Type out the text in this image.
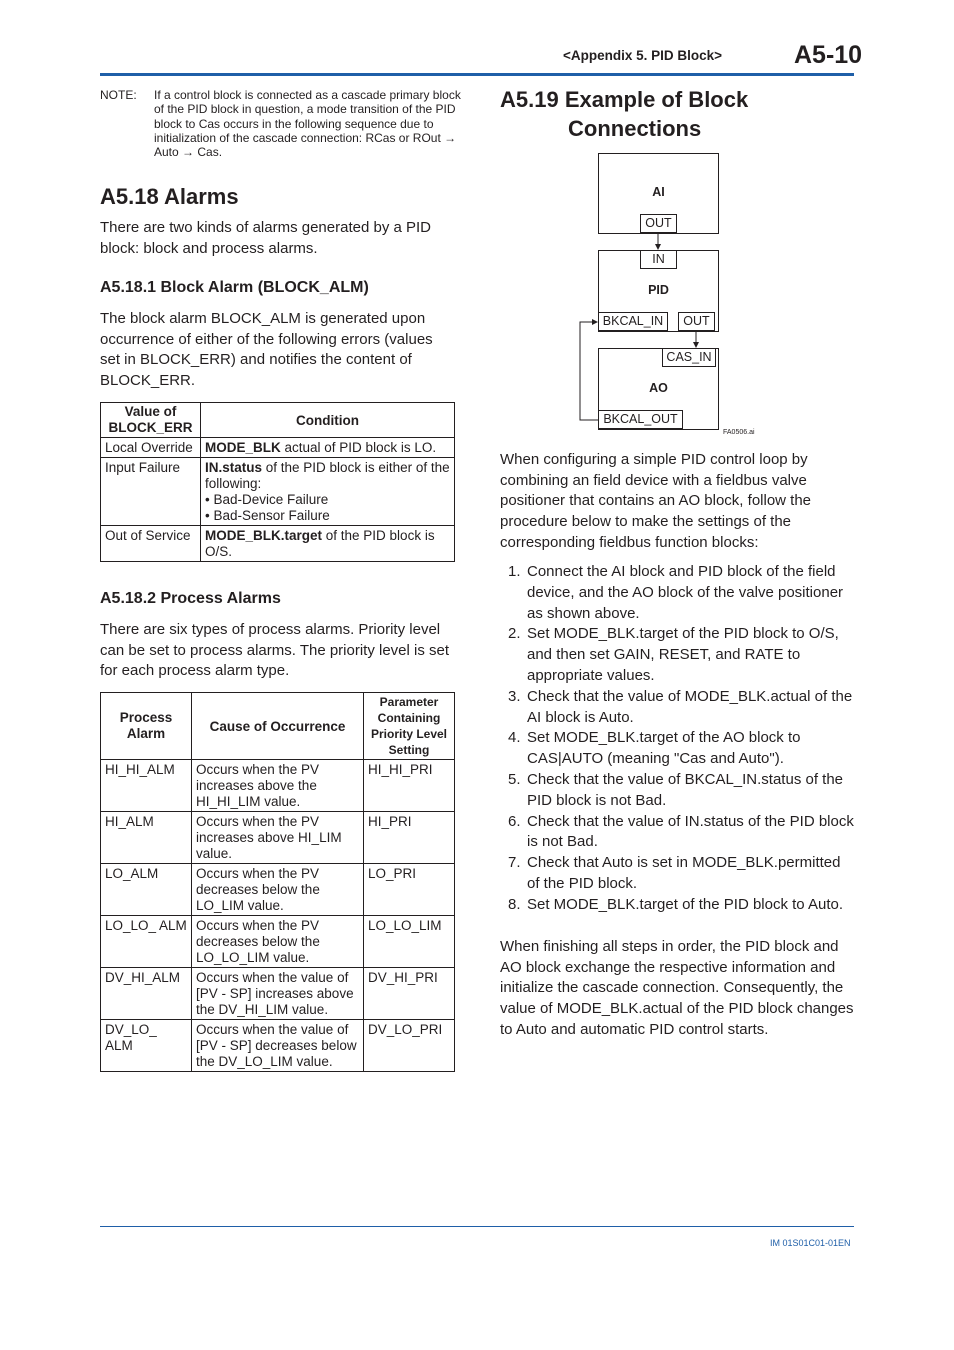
<Appendix 5. PID Block>	A5-10
NOTE: If a control block is connected as a cascade primary block of the PID block in question, a mode transition of the PID block to Cas occurs in the following sequence due to initialization of the cascade connection: RCas or ROut → Auto → Cas.
A5.18 Alarms
There are two kinds of alarms generated by a PID block: block and process alarms.
A5.18.1 Block Alarm (BLOCK_ALM)
The block alarm BLOCK_ALM is generated upon occurrence of either of the following errors (values set in BLOCK_ERR) and notifies the content of BLOCK_ERR.
Value of BLOCK_ERR	Condition
Local Override	MODE_BLK actual of PID block is LO.
Input Failure	IN.status of the PID block is either of the following:
• Bad-Device Failure
• Bad-Sensor Failure
Out of Service	MODE_BLK.target of the PID block is O/S.
A5.18.2 Process Alarms
There are six types of process alarms. Priority level can be set to process alarms. The priority level is set for each process alarm type.
Process Alarm	Cause of Occurrence	Parameter Containing Priority Level Setting
HI_HI_ALM	Occurs when the PV increases above the HI_HI_LIM value.	HI_HI_PRI
HI_ALM	Occurs when the PV increases above HI_LIM value.	HI_PRI
LO_ALM	Occurs when the PV decreases below the LO_LIM value.	LO_PRI
LO_LO_ ALM	Occurs when the PV decreases below the LO_LO_LIM value.	LO_LO_LIM
DV_HI_ALM	Occurs when the value of [PV - SP] increases above the DV_HI_LIM value.	DV_HI_PRI
DV_LO_ ALM	Occurs when the value of [PV - SP] decreases below the DV_LO_LIM value.	DV_LO_PRI
A5.19 Example of Block
Connections
AI
OUT
IN
PID
BKCAL_IN	OUT
CAS_IN
AO
BKCAL_OUT
FA0506.ai
When configuring a simple PID control loop by combining an field device with a fieldbus valve positioner that contains an AO block, follow the procedure below to make the settings of the corresponding fieldbus function blocks:
1. Connect the AI block and PID block of the field device, and the AO block of the valve positioner as shown above.
2. Set MODE_BLK.target of the PID block to O/S, and then set GAIN, RESET, and RATE to appropriate values.
3. Check that the value of MODE_BLK.actual of the AI block is Auto.
4. Set MODE_BLK.target of the AO block to CAS|AUTO (meaning "Cas and Auto").
5. Check that the value of BKCAL_IN.status of the PID block is not Bad.
6. Check that the value of IN.status of the PID block is not Bad.
7. Check that Auto is set in MODE_BLK.permitted of the PID block.
8. Set MODE_BLK.target of the PID block to Auto.
When finishing all steps in order, the PID block and AO block exchange the respective information and initialize the cascade connection. Consequently, the value of MODE_BLK.actual of the PID block changes to Auto and automatic PID control starts.
IM 01S01C01-01EN
